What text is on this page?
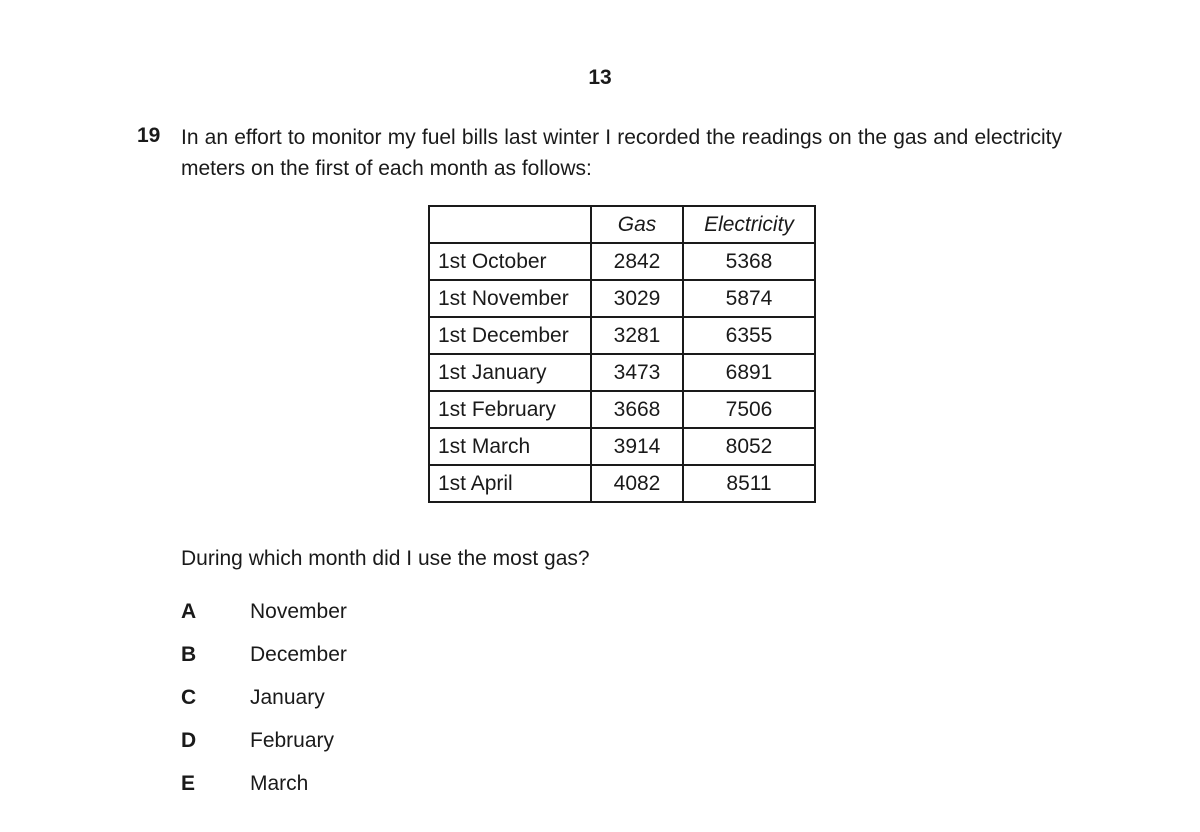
13
19 In an effort to monitor my fuel bills last winter I recorded the readings on the gas and electricity meters on the first of each month as follows:
	Gas	Electricity
1st October	2842	5368
1st November	3029	5874
1st December	3281	6355
1st January	3473	6891
1st February	3668	7506
1st March	3914	8052
1st April	4082	8511
During which month did I use the most gas?
A	November
B	December
C	January
D	February
E	March
